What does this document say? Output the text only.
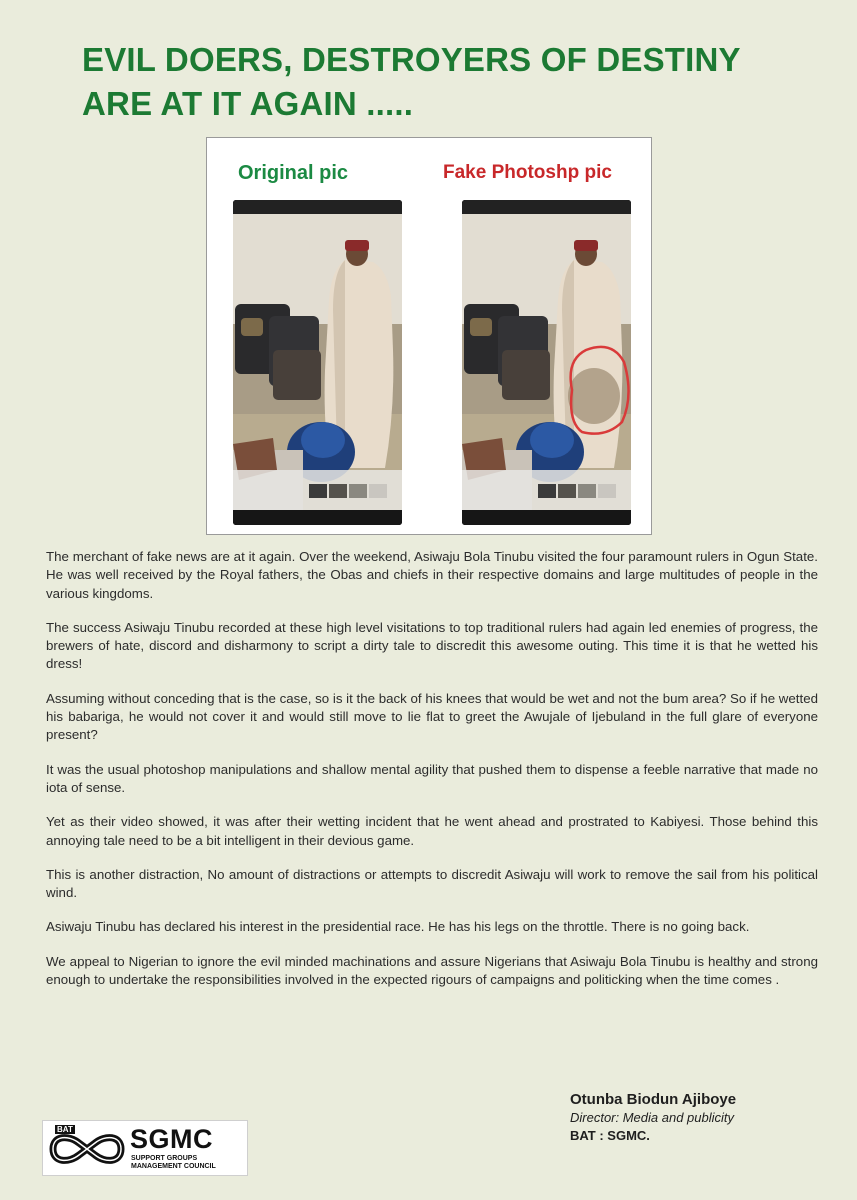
EVIL DOERS, DESTROYERS OF DESTINY
ARE AT IT AGAIN .....
Original pic	Fake Photoshp pic

The merchant of fake news are at it again. Over the weekend, Asiwaju Bola Tinubu visited the four paramount rulers in Ogun State. He was well received by the Royal fathers, the Obas and chiefs in their respective domains and large multitudes of people in the various kingdoms.

The success Asiwaju Tinubu recorded at these high level visitations to top traditional rulers had again led enemies of progress, the brewers of hate, discord and disharmony to script a dirty tale to discredit this awesome outing. This time it is that he wetted his dress!

Assuming without conceding that is the case, so is it the back of his knees that would be wet and not the bum area? So if he wetted his babariga, he would not cover it and would still move to lie flat to greet the Awujale of Ijebuland in the full glare of everyone present?

It was the usual photoshop manipulations and shallow mental agility that pushed them to dispense a feeble narrative that made no iota of sense.

Yet as their video showed, it was after their wetting incident that he went ahead and prostrated to Kabiyesi. Those behind this annoying tale need to be a bit intelligent in their devious game.

This is another distraction, No amount of distractions or attempts to discredit Asiwaju will work to remove the sail from his political wind.

Asiwaju Tinubu has declared his interest in the presidential race. He has his legs on the throttle. There is no going back.

We appeal to Nigerian to ignore the evil minded machinations and assure Nigerians that Asiwaju Bola Tinubu is healthy and strong enough to undertake the responsibilities involved in the expected rigours of campaigns and politicking when the time comes .

Otunba Biodun Ajiboye
Director: Media and publicity
BAT : SGMC.
BAT SGMC
SUPPORT GROUPS
MANAGEMENT COUNCIL
